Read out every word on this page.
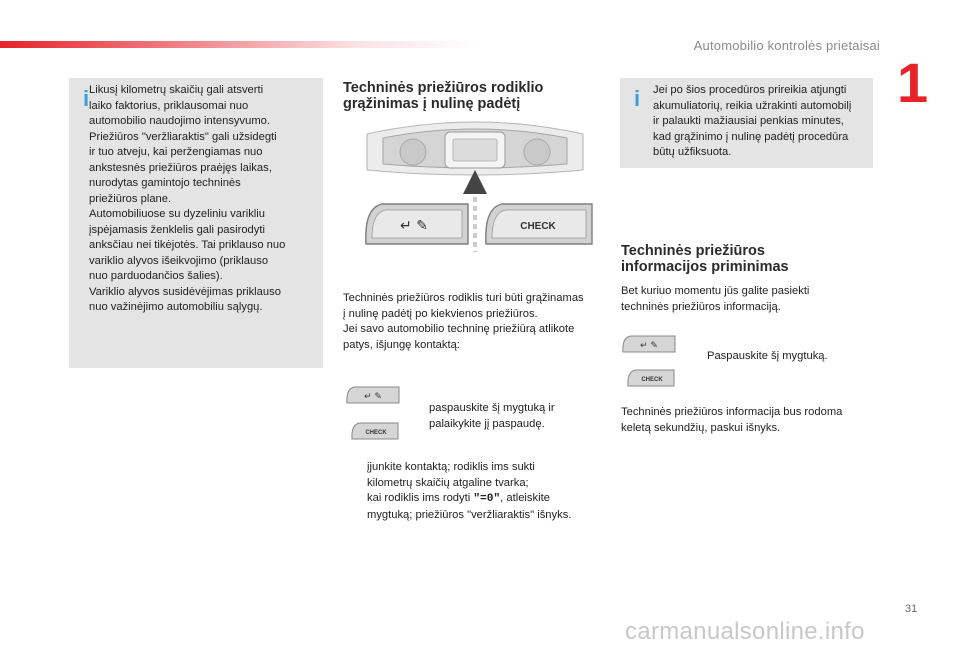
Automobilio kontrolės prietaisai
1
i Likusį kilometrų skaičių gali atsverti
laiko faktorius, priklausomai nuo
automobilio naudojimo intensyvumo.
Priežiūros "veržliaraktis" gali užsidegti
ir tuo atveju, kai peržengiamas nuo
ankstesnės priežiūros praėjęs laikas,
nurodytas gamintojo techninės
priežiūros plane.
Automobiliuose su dyzeliniu varikliu
įspėjamasis ženklelis gali pasirodyti
anksčiau nei tikėjotės. Tai priklauso nuo
variklio alyvos išeikvojimo (priklauso
nuo parduodančios šalies).
Variklio alyvos susidėvėjimas priklauso
nuo važinėjimo automobiliu sąlygų.
Techninės priežiūros rodiklio
grąžinimas į nulinę padėtį
↵ ✎	CHECK
Techninės priežiūros rodiklis turi būti grąžinamas
į nulinę padėtį po kiekvienos priežiūros.
Jei savo automobilio techninę priežiūrą atlikote
patys, išjungę kontaktą:
↵ ✎
CHECK
paspauskite šį mygtuką ir
palaikykite jį paspaudę.
įjunkite kontaktą; rodiklis ims sukti
kilometrų skaičių atgaline tvarka;
kai rodiklis ims rodyti "=0", atleiskite
mygtuką; priežiūros "veržliaraktis" išnyks.
i Jei po šios procedūros prireikia atjungti
akumuliatorių, reikia užrakinti automobilį
ir palaukti mažiausiai penkias minutes,
kad grąžinimo į nulinę padėtį procedūra
būtų užfiksuota.
Techninės priežiūros
informacijos priminimas
Bet kuriuo momentu jūs galite pasiekti
techninės priežiūros informaciją.
↵ ✎
CHECK
Paspauskite šį mygtuką.
Techninės priežiūros informacija bus rodoma
keletą sekundžių, paskui išnyks.
31
carmanualsonline.info
